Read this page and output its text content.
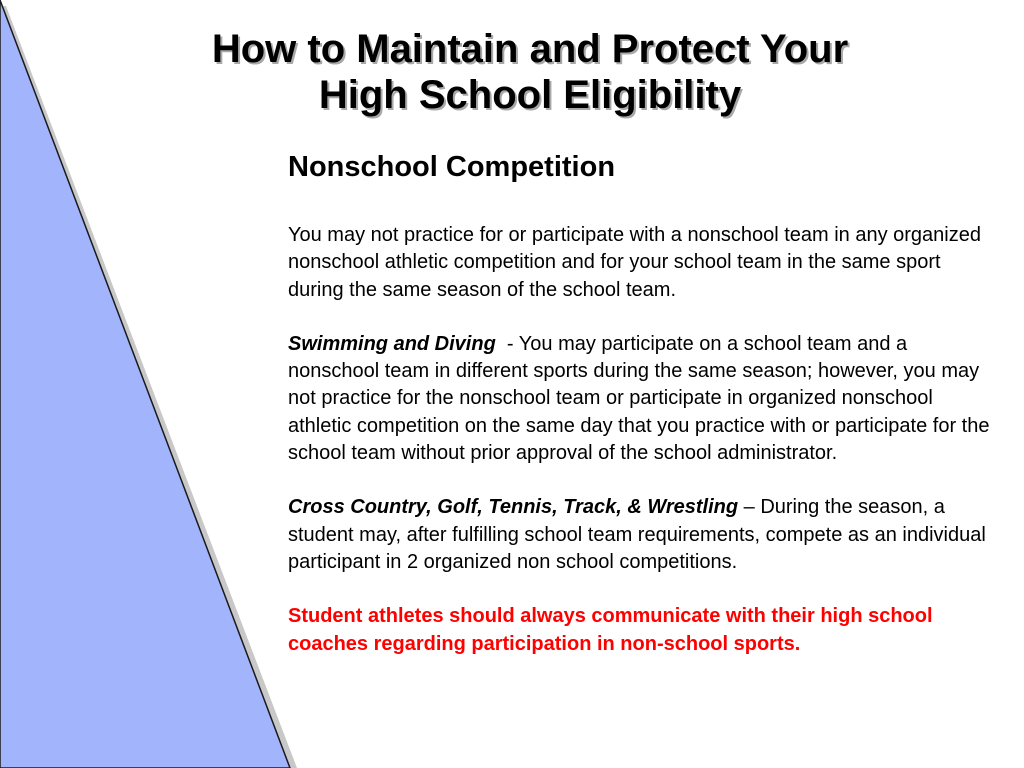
How to Maintain and Protect Your
High School Eligibility
Nonschool Competition

You may not practice for or participate with a nonschool team in any organized nonschool athletic competition and for your school team in the same sport during the same season of the school team.

Swimming and Diving  - You may participate on a school team and a nonschool team in different sports during the same season; however, you may not practice for the nonschool team or participate in organized nonschool athletic competition on the same day that you practice with or participate for the school team without prior approval of the school administrator.

Cross Country, Golf, Tennis, Track, & Wrestling – During the season, a student may, after fulfilling school team requirements, compete as an individual participant in 2 organized non school competitions.

Student athletes should always communicate with their high school coaches regarding participation in non-school sports.
